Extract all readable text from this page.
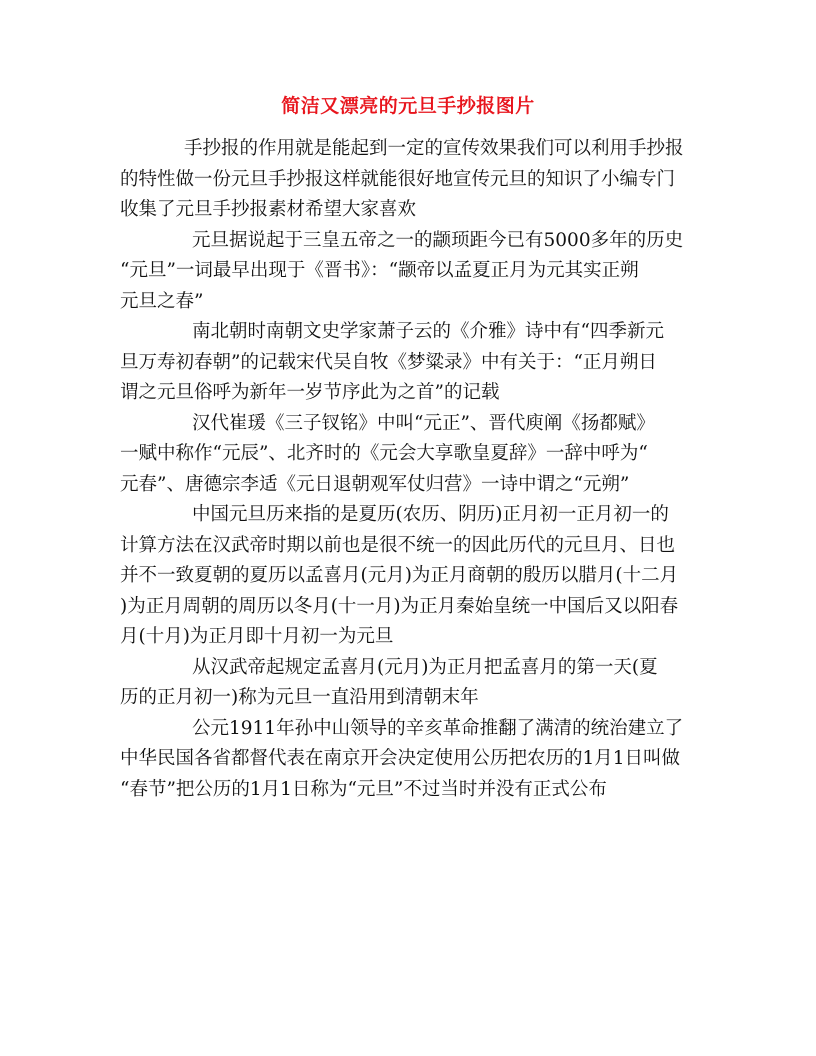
简洁又漂亮的元旦手抄报图片
手抄报的作用就是能起到一定的宣传效果我们可以利用手抄报
的特性做一份元旦手抄报这样就能很好地宣传元旦的知识了小编专门
收集了元旦手抄报素材希望大家喜欢
元旦据说起于三皇五帝之一的颛顼距今已有5000多年的历史
“元旦”一词最早出现于《晋书》：“颛帝以孟夏正月为元其实正朔
元旦之春”
南北朝时南朝文史学家萧子云的《介雅》诗中有“四季新元
旦万寿初春朝”的记载宋代吴自牧《梦粱录》中有关于：“正月朔日
谓之元旦俗呼为新年一岁节序此为之首”的记载
汉代崔瑗《三子钗铭》中叫“元正”、晋代庾阐《扬都赋》
一赋中称作“元辰”、北齐时的《元会大享歌皇夏辞》一辞中呼为“
元春”、唐德宗李适《元日退朝观军仗归营》一诗中谓之“元朔”
中国元旦历来指的是夏历(农历、阴历)正月初一正月初一的
计算方法在汉武帝时期以前也是很不统一的因此历代的元旦月、日也
并不一致夏朝的夏历以孟喜月(元月)为正月商朝的殷历以腊月(十二月
)为正月周朝的周历以冬月(十一月)为正月秦始皇统一中国后又以阳春
月(十月)为正月即十月初一为元旦
从汉武帝起规定孟喜月(元月)为正月把孟喜月的第一天(夏
历的正月初一)称为元旦一直沿用到清朝末年
公元1911年孙中山领导的辛亥革命推翻了满清的统治建立了
中华民国各省都督代表在南京开会决定使用公历把农历的1月1日叫做
“春节”把公历的1月1日称为“元旦”不过当时并没有正式公布
